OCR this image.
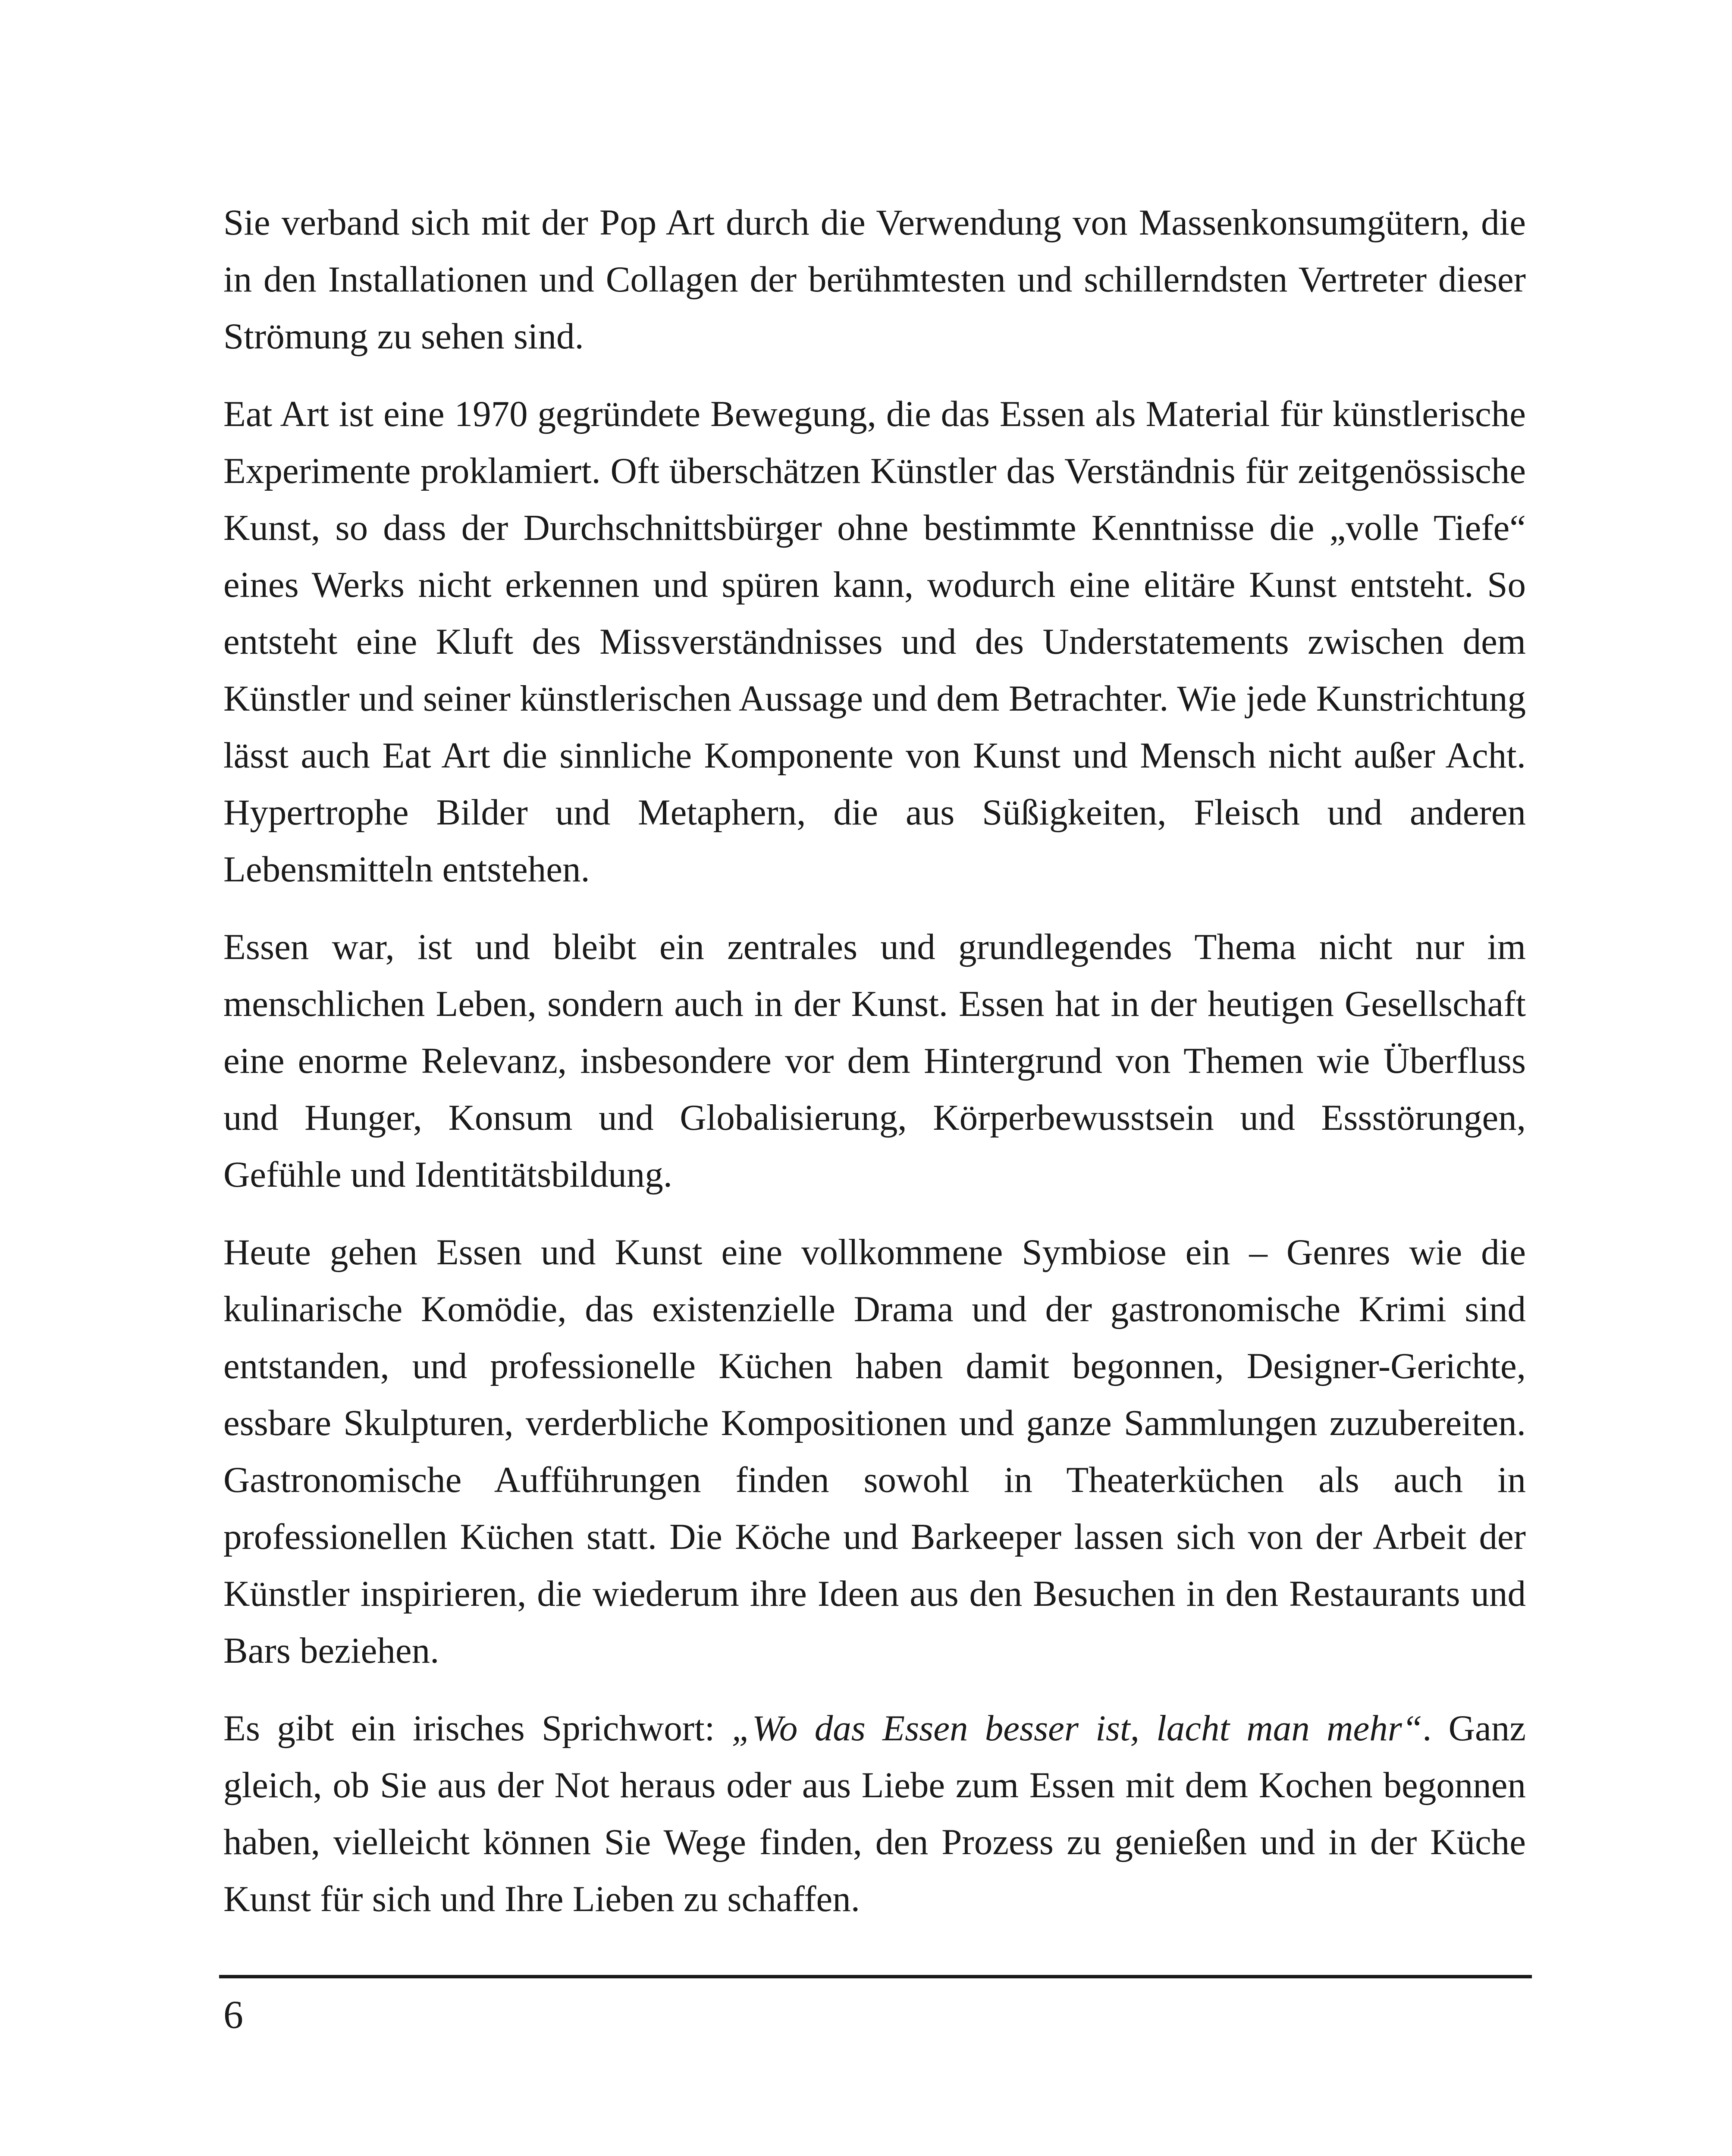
Sie verband sich mit der Pop Art durch die Verwendung von Massenkonsumgütern, die in den Installationen und Collagen der berühmtesten und schillerndsten Vertreter dieser Strömung zu sehen sind.

Eat Art ist eine 1970 gegründete Bewegung, die das Essen als Material für künstlerische Experimente proklamiert. Oft überschätzen Künstler das Verständnis für zeitgenössische Kunst, so dass der Durchschnittsbürger ohne bestimmte Kenntnisse die „volle Tiefe“ eines Werks nicht erkennen und spüren kann, wodurch eine elitäre Kunst entsteht. So entsteht eine Kluft des Missverständnisses und des Understatements zwischen dem Künstler und seiner künstlerischen Aussage und dem Betrachter. Wie jede Kunstrichtung lässt auch Eat Art die sinnliche Komponente von Kunst und Mensch nicht außer Acht. Hypertrophe Bilder und Metaphern, die aus Süßigkeiten, Fleisch und anderen Lebensmitteln entstehen.

Essen war, ist und bleibt ein zentrales und grundlegendes Thema nicht nur im menschlichen Leben, sondern auch in der Kunst. Essen hat in der heutigen Gesellschaft eine enorme Relevanz, insbesondere vor dem Hintergrund von Themen wie Überfluss und Hunger, Konsum und Globalisierung, Körperbewusstsein und Essstörungen, Gefühle und Identitätsbildung.

Heute gehen Essen und Kunst eine vollkommene Symbiose ein – Genres wie die kulinarische Komödie, das existenzielle Drama und der gastronomische Krimi sind entstanden, und professionelle Küchen haben damit begonnen, Designer-Gerichte, essbare Skulpturen, verderbliche Kompositionen und ganze Sammlungen zuzubereiten. Gastronomische Aufführungen finden sowohl in Theaterküchen als auch in professionellen Küchen statt. Die Köche und Barkeeper lassen sich von der Arbeit der Künstler inspirieren, die wiederum ihre Ideen aus den Besuchen in den Restaurants und Bars beziehen.

Es gibt ein irisches Sprichwort: „Wo das Essen besser ist, lacht man mehr“. Ganz gleich, ob Sie aus der Not heraus oder aus Liebe zum Essen mit dem Kochen begonnen haben, vielleicht können Sie Wege finden, den Prozess zu genießen und in der Küche Kunst für sich und Ihre Lieben zu schaffen.

6
